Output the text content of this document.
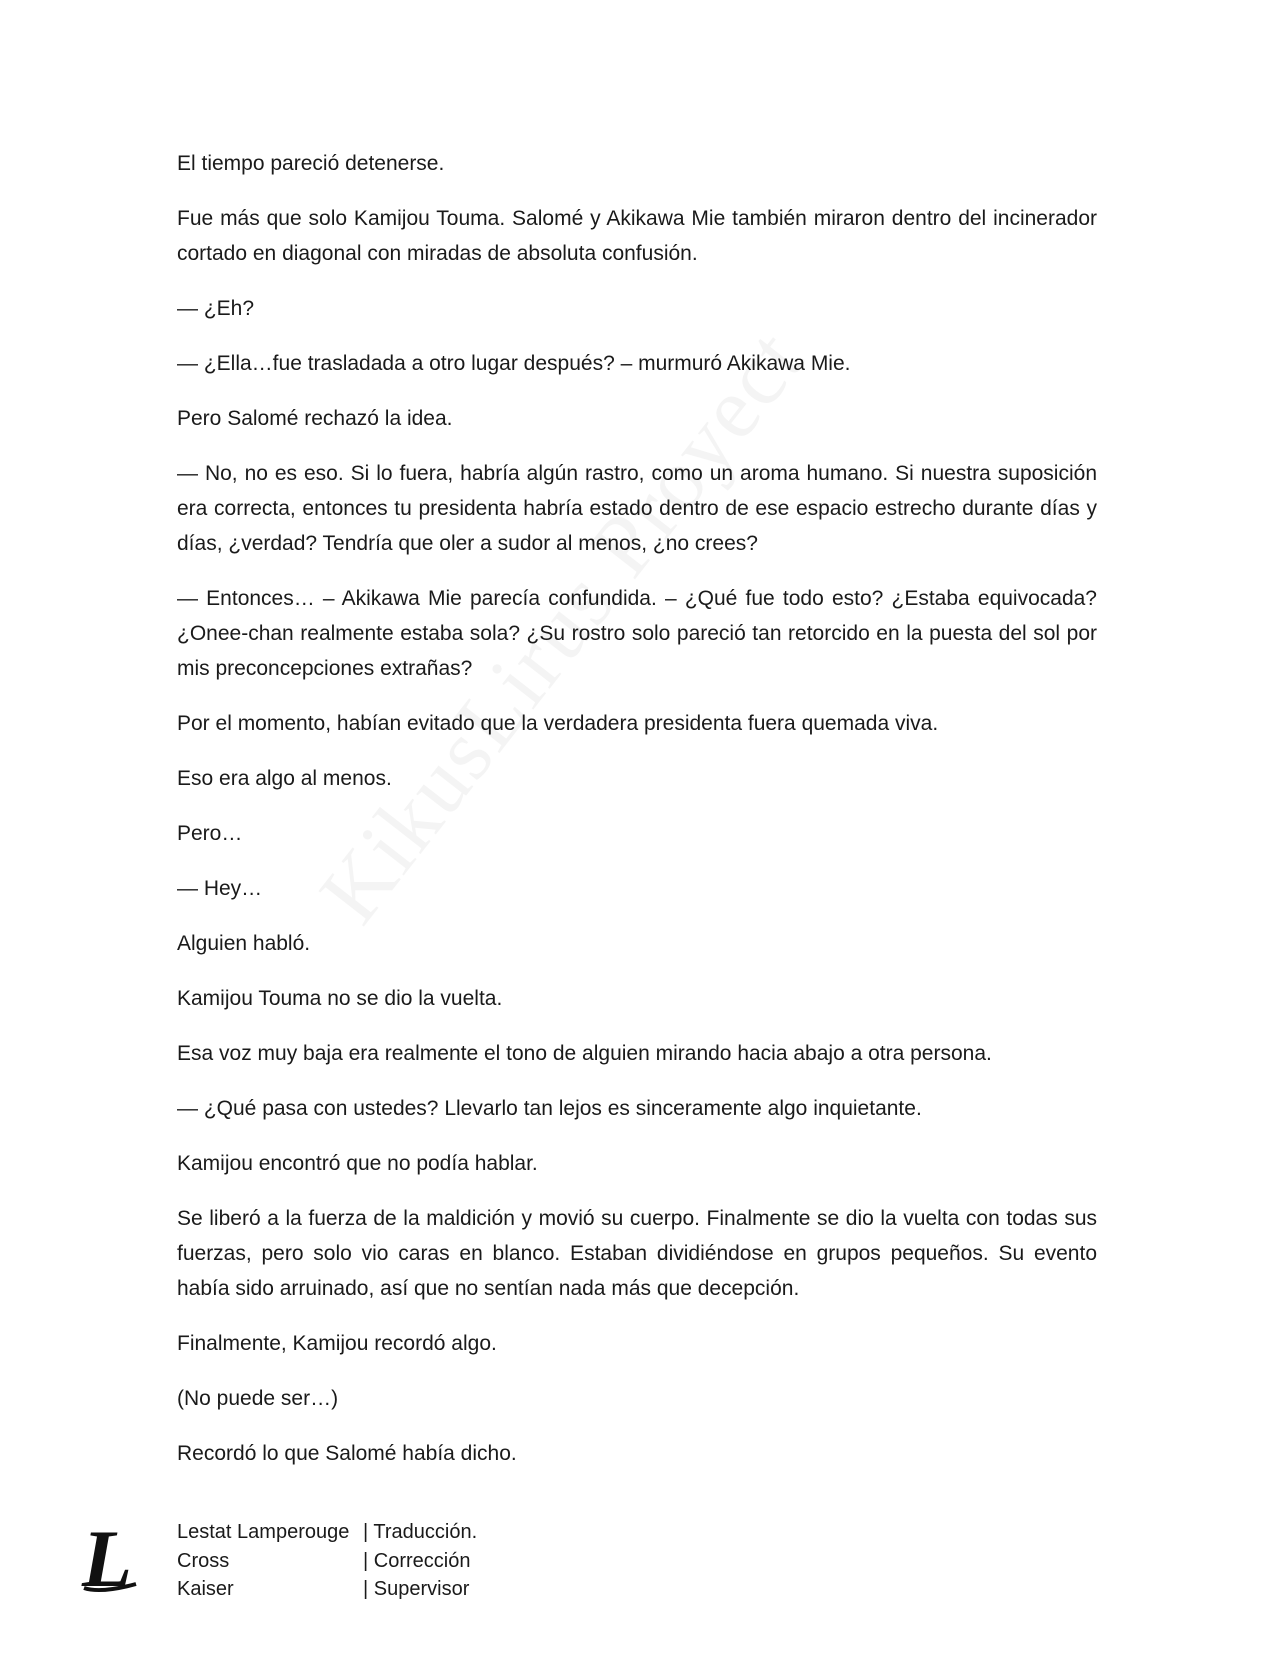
El tiempo pareció detenerse.

Fue más que solo Kamijou Touma. Salomé y Akikawa Mie también miraron dentro del incinerador cortado en diagonal con miradas de absoluta confusión.

— ¿Eh?

— ¿Ella…fue trasladada a otro lugar después? – murmuró Akikawa Mie.

Pero Salomé rechazó la idea.

— No, no es eso. Si lo fuera, habría algún rastro, como un aroma humano. Si nuestra suposición era correcta, entonces tu presidenta habría estado dentro de ese espacio estrecho durante días y días, ¿verdad? Tendría que oler a sudor al menos, ¿no crees?

— Entonces… – Akikawa Mie parecía confundida. – ¿Qué fue todo esto? ¿Estaba equivocada? ¿Onee-chan realmente estaba sola? ¿Su rostro solo pareció tan retorcido en la puesta del sol por mis preconcepciones extrañas?

Por el momento, habían evitado que la verdadera presidenta fuera quemada viva.

Eso era algo al menos.

Pero…

— Hey…

Alguien habló.

Kamijou Touma no se dio la vuelta.

Esa voz muy baja era realmente el tono de alguien mirando hacia abajo a otra persona.

— ¿Qué pasa con ustedes? Llevarlo tan lejos es sinceramente algo inquietante.

Kamijou encontró que no podía hablar.

Se liberó a la fuerza de la maldición y movió su cuerpo. Finalmente se dio la vuelta con todas sus fuerzas, pero solo vio caras en blanco. Estaban dividiéndose en grupos pequeños. Su evento había sido arruinado, así que no sentían nada más que decepción.

Finalmente, Kamijou recordó algo.

(No puede ser…)

Recordó lo que Salomé había dicho.

L Lestat Lamperouge | Traducción.
Cross	| Corrección
Kaiser	| Supervisor
